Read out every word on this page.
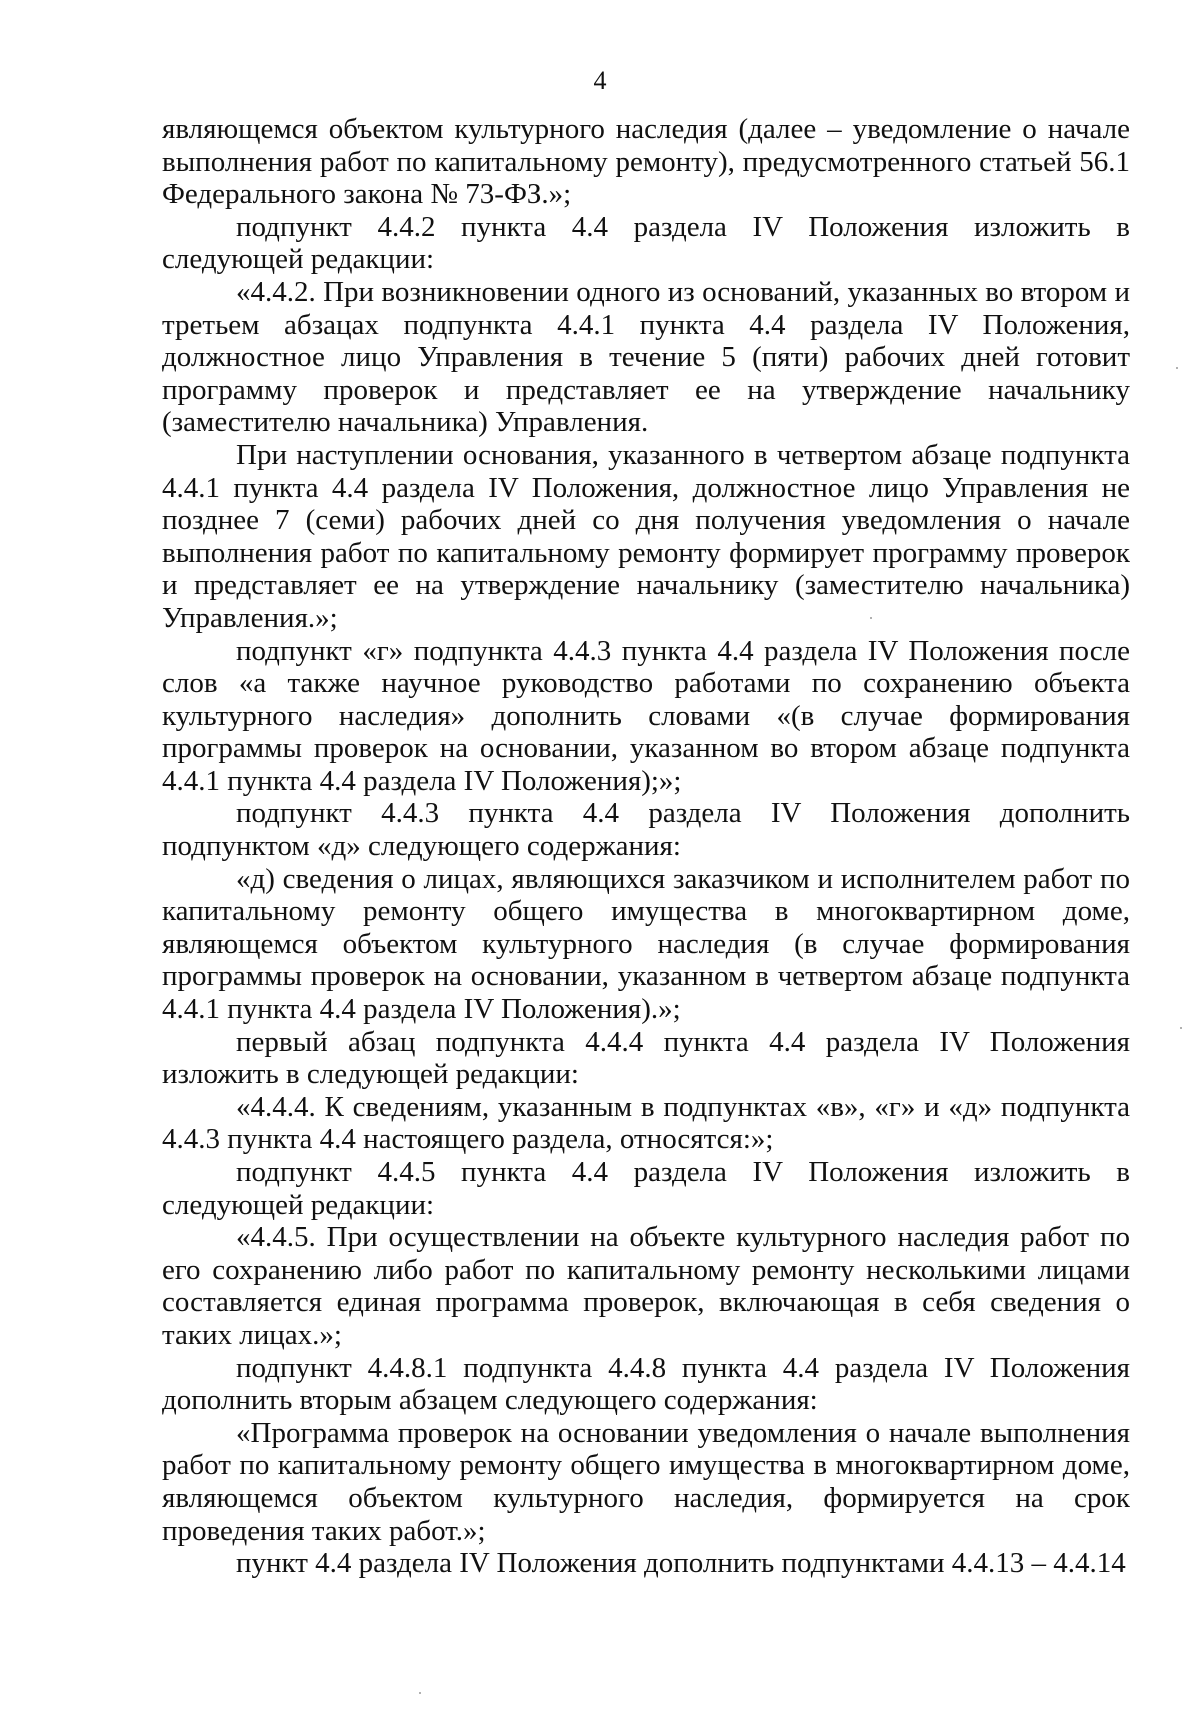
4

являющемся объектом культурного наследия (далее – уведомление о начале выполнения работ по капитальному ремонту), предусмотренного статьей 56.1 Федерального закона № 73-ФЗ.»;

подпункт 4.4.2 пункта 4.4 раздела IV Положения изложить в следующей редакции:

«4.4.2. При возникновении одного из оснований, указанных во втором и третьем абзацах подпункта 4.4.1 пункта 4.4 раздела IV Положения, должностное лицо Управления в течение 5 (пяти) рабочих дней готовит программу проверок и представляет ее на утверждение начальнику (заместителю начальника) Управления.

При наступлении основания, указанного в четвертом абзаце подпункта 4.4.1 пункта 4.4 раздела IV Положения, должностное лицо Управления не позднее 7 (семи) рабочих дней со дня получения уведомления о начале выполнения работ по капитальному ремонту формирует программу проверок и представляет ее на утверждение начальнику (заместителю начальника) Управления.»;

подпункт «г» подпункта 4.4.3 пункта 4.4 раздела IV Положения после слов «а также научное руководство работами по сохранению объекта культурного наследия» дополнить словами «(в случае формирования программы проверок на основании, указанном во втором абзаце подпункта 4.4.1 пункта 4.4 раздела IV Положения);»;

подпункт 4.4.3 пункта 4.4 раздела IV Положения дополнить подпунктом «д» следующего содержания:

«д) сведения о лицах, являющихся заказчиком и исполнителем работ по капитальному ремонту общего имущества в многоквартирном доме, являющемся объектом культурного наследия (в случае формирования программы проверок на основании, указанном в четвертом абзаце подпункта 4.4.1 пункта 4.4 раздела IV Положения).»;

первый абзац подпункта 4.4.4 пункта 4.4 раздела IV Положения изложить в следующей редакции:

«4.4.4. К сведениям, указанным в подпунктах «в», «г» и «д» подпункта 4.4.3 пункта 4.4 настоящего раздела, относятся:»;

подпункт 4.4.5 пункта 4.4 раздела IV Положения изложить в следующей редакции:

«4.4.5. При осуществлении на объекте культурного наследия работ по его сохранению либо работ по капитальному ремонту несколькими лицами составляется единая программа проверок, включающая в себя сведения о таких лицах.»;

подпункт 4.4.8.1 подпункта 4.4.8 пункта 4.4 раздела IV Положения дополнить вторым абзацем следующего содержания:

«Программа проверок на основании уведомления о начале выполнения работ по капитальному ремонту общего имущества в многоквартирном доме, являющемся объектом культурного наследия, формируется на срок проведения таких работ.»;

пункт 4.4 раздела IV Положения дополнить подпунктами 4.4.13 – 4.4.14
